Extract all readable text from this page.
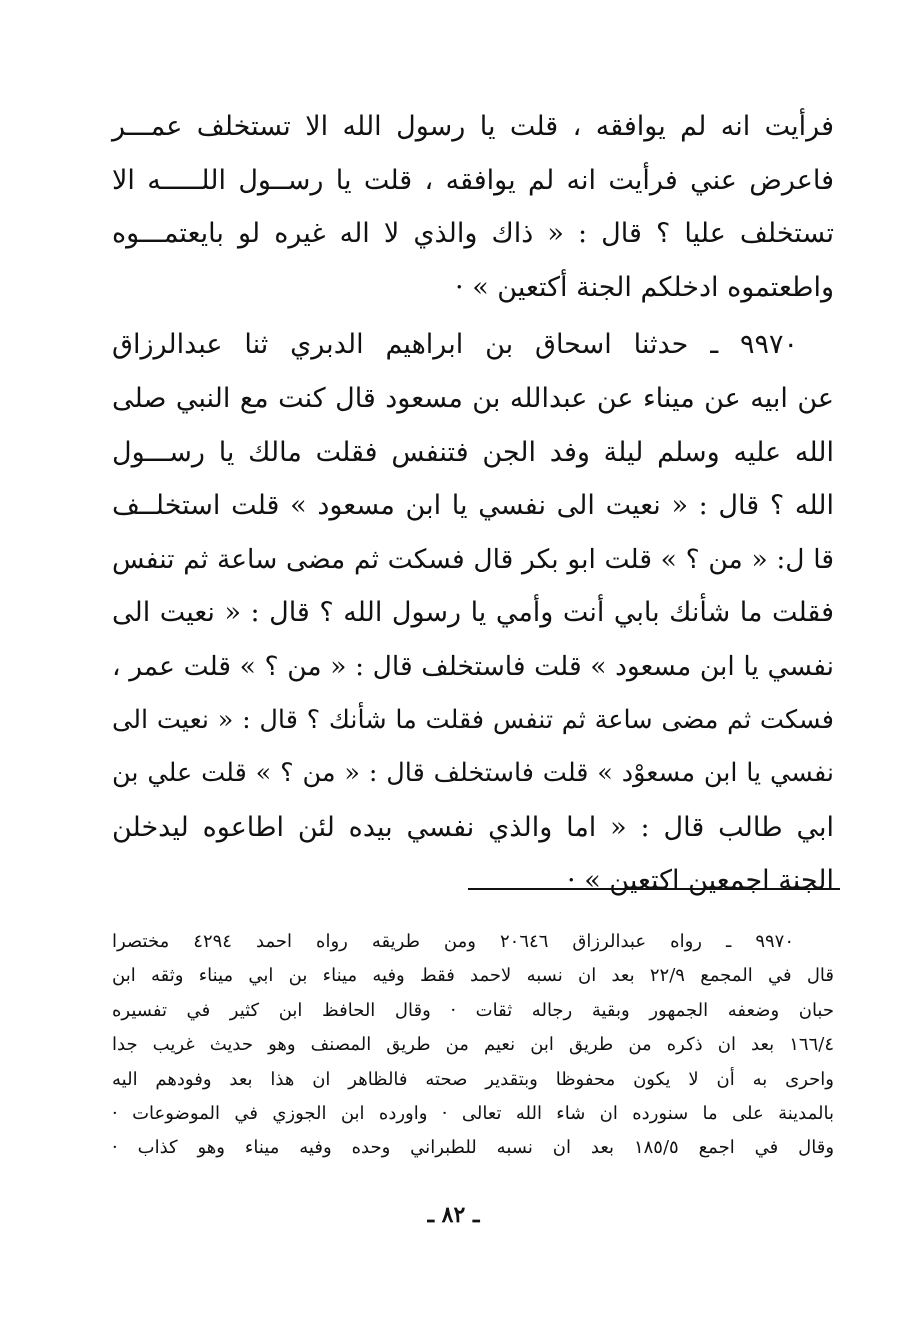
فرأيت انه لم يوافقه ، قلت يا رسول الله الا تستخلف عمـــر
فاعرض عني فرأيت انه لم يوافقه ، قلت يا رســول اللـــــه الا
تستخلف عليا ؟ قال : « ذاك والذي لا اله غيره لو بايعتمـــوه
واطعتموه ادخلكم الجنة أكتعين » ·
٩٩٧٠ ـ حدثنا اسحاق بن ابراهيم الدبري ثنا عبدالرزاق
عن ابيه عن ميناء عن عبدالله بن مسعود قال كنت مع النبي صلى
الله عليه وسلم ليلة وفد الجن فتنفس فقلت مالك يا رســـول
الله ؟ قال : « نعيت الى نفسي يا ابن مسعود » قلت استخلــف
قا ل: « من ؟ » قلت ابو بكر قال فسكت ثم مضى ساعة ثم تنفس
فقلت ما شأنك بابي أنت وأمي يا رسول الله ؟ قال : « نعيت الى
نفسي يا ابن مسعود » قلت فاستخلف قال : « من ؟ » قلت عمر ،
فسكت ثم مضى ساعة ثم تنفس فقلت ما شأنك ؟ قال : « نعيت الى
نفسي يا ابن مسعوْد » قلت فاستخلف قال : « من ؟ » قلت علي بن
ابي طالب قال : « اما والذي نفسي بيده لئن اطاعوه ليدخلن
الجنة اجمعين اكتعين » ·
٩٩٧٠ ـ رواه عبدالرزاق ٢٠٦٤٦ ومن طريقه رواه احمد ٤٢٩٤ مختصرا
قال في المجمع ٢٢/٩ بعد ان نسبه لاحمد فقط وفيه ميناء بن ابي ميناء وثقه ابن
حبان وضعفه الجمهور وبقية رجاله ثقات · وقال الحافظ ابن كثير في تفسيره
١٦٦/٤ بعد ان ذكره من طريق ابن نعيم من طريق المصنف وهو حديث غريب جدا
واحرى به أن لا يكون محفوظا وبتقدير صحته فالظاهر ان هذا بعد وفودهم اليه
بالمدينة على ما سنورده ان شاء الله تعالى · واورده ابن الجوزي في الموضوعات ·
وقال في اجمع ١٨٥/٥ بعد ان نسبه للطبراني وحده وفيه ميناء وهو كذاب ·
ـ ٨٢ ـ
